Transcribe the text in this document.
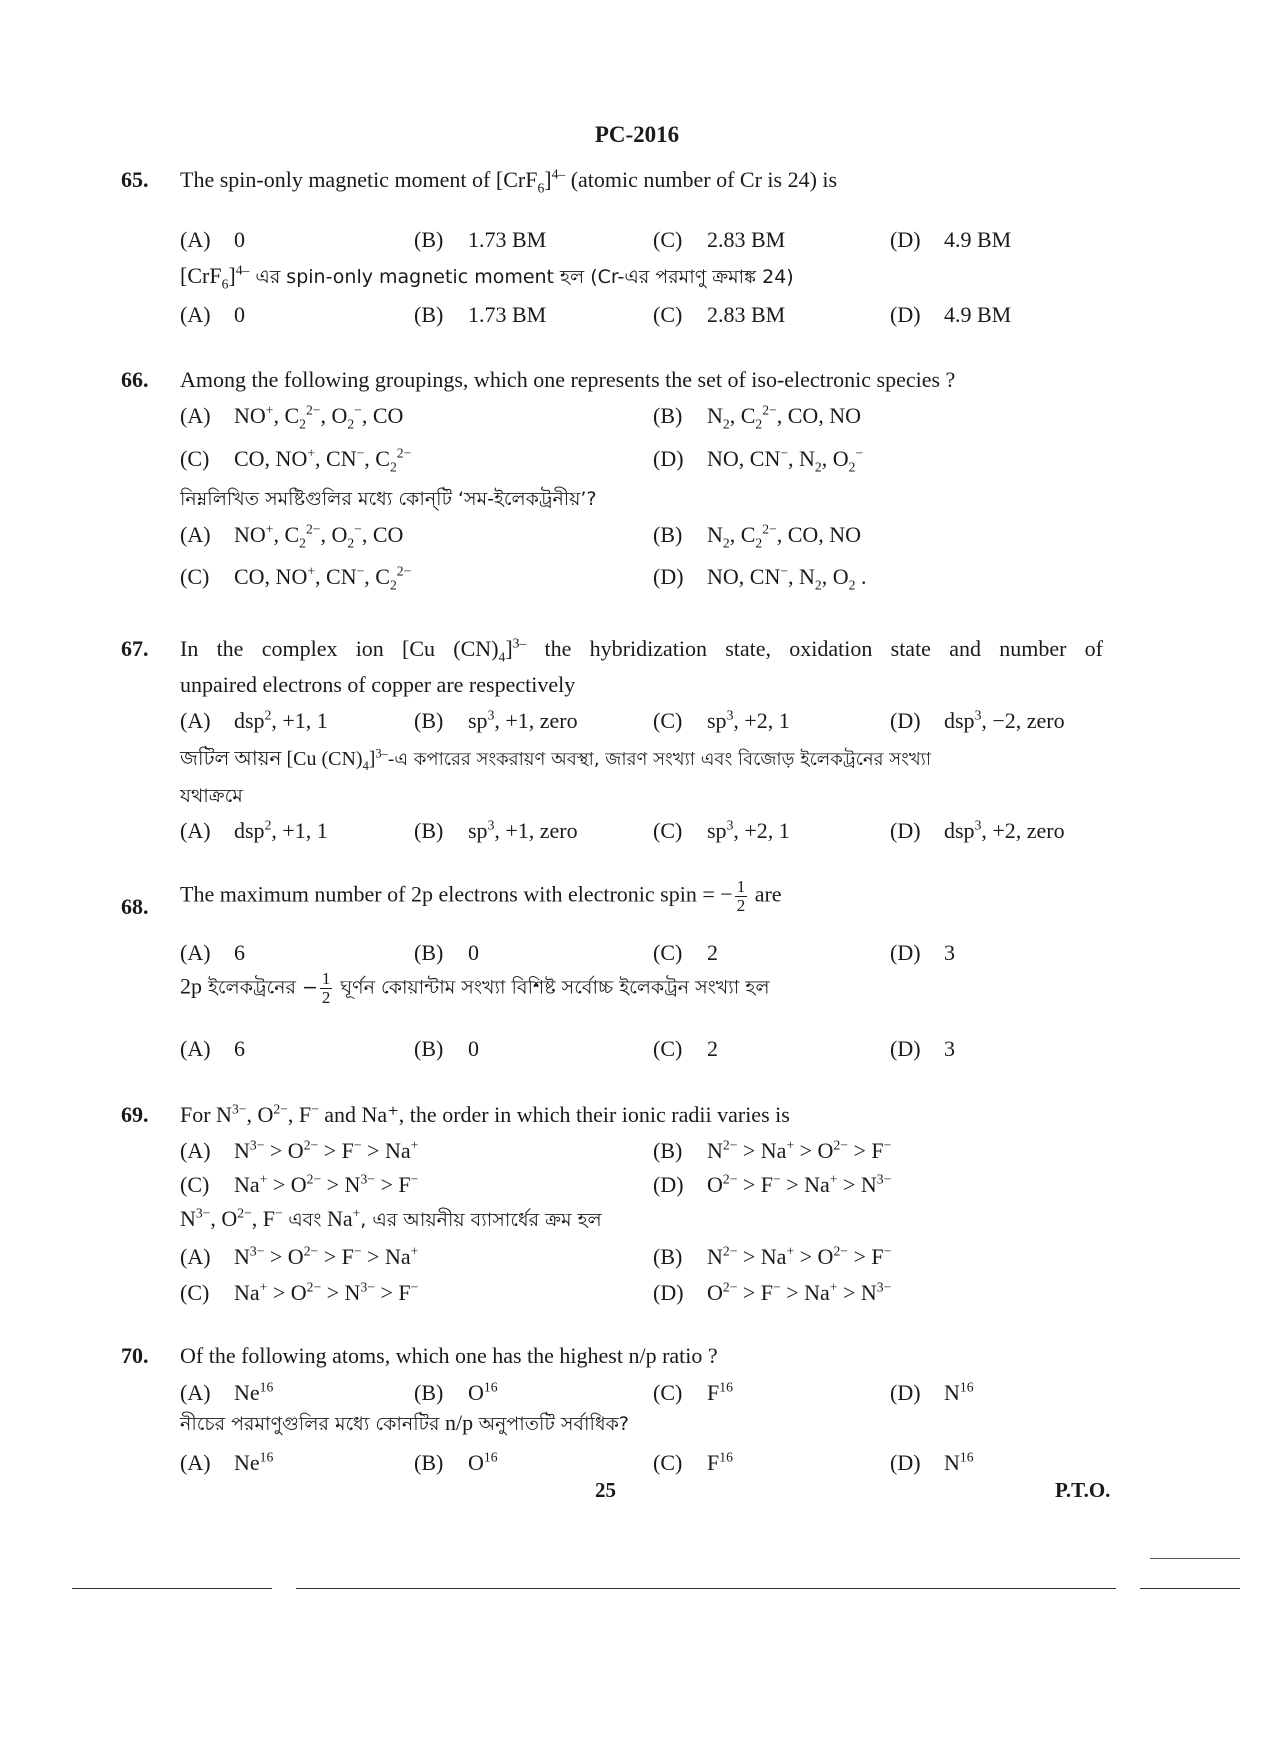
PC-2016
65. The spin-only magnetic moment of $[CrF_6]^{4-}$ (atomic number of Cr is 24) is
(A) 0	(B) 1.73 BM	(C) 2.83 BM	(D) 4.9 BM
$[CrF_6]^{4-}$ এর spin-only magnetic moment হল (Cr-এর পরমাণু ক্রমাঙ্ক 24)
(A) 0	(B) 1.73 BM	(C) 2.83 BM	(D) 4.9 BM
66. Among the following groupings, which one represents the set of iso-electronic species ?
(A) NO+, $C_2^{2-}$, $O_2^-$, CO	(B) $N_2$, $C_2^{2-}$, CO, NO
(C) CO, NO+, CN−, $C_2^{2-}$	(D) NO, CN−, $N_2$, $O_2^-$
নিম্নলিখিত সমষ্টিগুলির মধ্যে কোন্‌টি ‘সম-ইলেকট্রনীয়’?
(A) NO+, $C_2^{2-}$, $O_2^-$, CO	(B) $N_2$, $C_2^{2-}$, CO, NO
(C) CO, NO+, CN−, $C_2^{2-}$	(D) NO, CN−, $N_2$, $O_2$ .
67. In the complex ion [Cu $(CN)_4]^{3-}$ the hybridization state, oxidation state and number of
unpaired electrons of copper are respectively
(A) dsp$^2$, +1, 1	(B) $sp^3$, +1, zero	(C) $sp^3$, +2, 1	(D) dsp$^3$, −2, zero
জটিল আয়ন [Cu $(CN)_4]^{3-}-এ$ কপারের সংকরায়ণ অবস্থা, জারণ সংখ্যা এবং বিজোড় ইলেকট্রনের সংখ্যা
যথাক্রমে
(A) dsp$^2$, +1, 1	(B) $sp^3$, +1, zero	(C) $sp^3$, +2, 1	(D) dsp$^3$, +2, zero
68.
The maximum number of 2p electrons with electronic spin = − $\frac{1}{2}$ are
(A) 6	(B) 0	(C) 2	(D) 3
2p ইলেকট্রনের − $\frac{1}{2}$ ঘূর্ণন কোয়ান্টাম সংখ্যা বিশিষ্ট সর্বোচ্চ ইলেকট্রন সংখ্যা হল
(A) 6	(B) 0	(C) 2	(D) 3
69. For $N^{3-}$, $O^{2-}$, F− and Na⁺, the order in which their ionic radii varies is
(A) $N^{3-} > O^{2-} > F^- > Na^+$	(B) $N^{2-} > Na^+ > O^{2-} > F^-$
(C) $Na^+ > O^{2-} > N^{3-} > F^-$	(D) $O^{2-} > F^- > Na^+ > N^{3-}$
$N^{3-}$, $O^{2-}$, F− এবং Na+, এর আয়নীয় ব্যাসার্ধের ক্রম হল
(A) $N^{3-} > O^{2-} > F^- > Na^+$	(B) $N^{2-} > Na^+ > O^{2-} > F^-$
(C) $Na^+ > O^{2-} > N^{3-} > F^-$	(D) $O^{2-} > F^- > Na^+ > N^{3-}$
70. Of the following atoms, which one has the highest n/p ratio ?
(A) Ne$^{16}$	(B) $O^{16}$	(C) $F^{16}$	(D) $N^{16}$
নীচের পরমাণুগুলির মধ্যে কোনটির n/p অনুপাতটি সর্বাধিক?
(A) Ne$^{16}$	(B) $O^{16}$	(C) $F^{16}$	(D) $N^{16}$
25	P.T.O.
